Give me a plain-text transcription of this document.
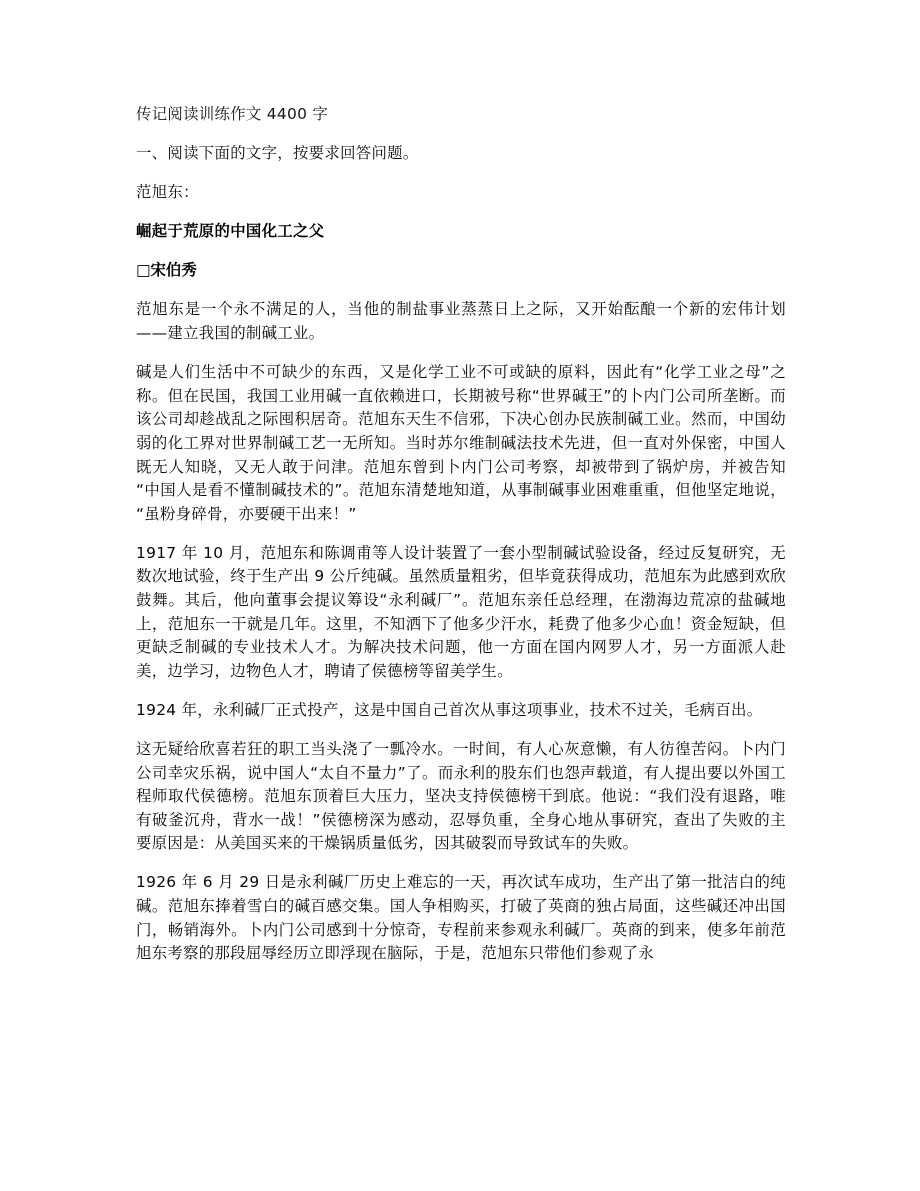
传记阅读训练作文 4400 字

一、阅读下面的文字，按要求回答问题。

范旭东：

崛起于荒原的中国化工之父

□宋伯秀

范旭东是一个永不满足的人，当他的制盐事业蒸蒸日上之际，又开始酝酿一个新的宏伟计划——建立我国的制碱工业。

碱是人们生活中不可缺少的东西，又是化学工业不可或缺的原料，因此有“化学工业之母”之称。但在民国，我国工业用碱一直依赖进口，长期被号称“世界碱王”的卜内门公司所垄断。而该公司却趁战乱之际囤积居奇。范旭东天生不信邪，下决心创办民族制碱工业。然而，中国幼弱的化工界对世界制碱工艺一无所知。当时苏尔维制碱法技术先进，但一直对外保密，中国人既无人知晓，又无人敢于问津。范旭东曾到卜内门公司考察，却被带到了锅炉房，并被告知“中国人是看不懂制碱技术的”。范旭东清楚地知道，从事制碱事业困难重重，但他坚定地说，“虽粉身碎骨，亦要硬干出来！”

1917 年 10 月，范旭东和陈调甫等人设计装置了一套小型制碱试验设备，经过反复研究，无数次地试验，终于生产出 9 公斤纯碱。虽然质量粗劣，但毕竟获得成功，范旭东为此感到欢欣鼓舞。其后，他向董事会提议筹设“永利碱厂”。范旭东亲任总经理，在渤海边荒凉的盐碱地上，范旭东一干就是几年。这里，不知洒下了他多少汗水，耗费了他多少心血！资金短缺，但更缺乏制碱的专业技术人才。为解决技术问题，他一方面在国内网罗人才，另一方面派人赴美，边学习，边物色人才，聘请了侯德榜等留美学生。

1924 年，永利碱厂正式投产，这是中国自己首次从事这项事业，技术不过关，毛病百出。

这无疑给欣喜若狂的职工当头浇了一瓢冷水。一时间，有人心灰意懒，有人彷徨苦闷。卜内门公司幸灾乐祸，说中国人“太自不量力”了。而永利的股东们也怨声载道，有人提出要以外国工程师取代侯德榜。范旭东顶着巨大压力，坚决支持侯德榜干到底。他说：“我们没有退路，唯有破釜沉舟，背水一战！”侯德榜深为感动，忍辱负重，全身心地从事研究，查出了失败的主要原因是：从美国买来的干燥锅质量低劣，因其破裂而导致试车的失败。

1926 年 6 月 29 日是永利碱厂历史上难忘的一天，再次试车成功，生产出了第一批洁白的纯碱。范旭东捧着雪白的碱百感交集。国人争相购买，打破了英商的独占局面，这些碱还冲出国门，畅销海外。卜内门公司感到十分惊奇，专程前来参观永利碱厂。英商的到来，使多年前范旭东考察的那段屈辱经历立即浮现在脑际，于是，范旭东只带他们参观了永
